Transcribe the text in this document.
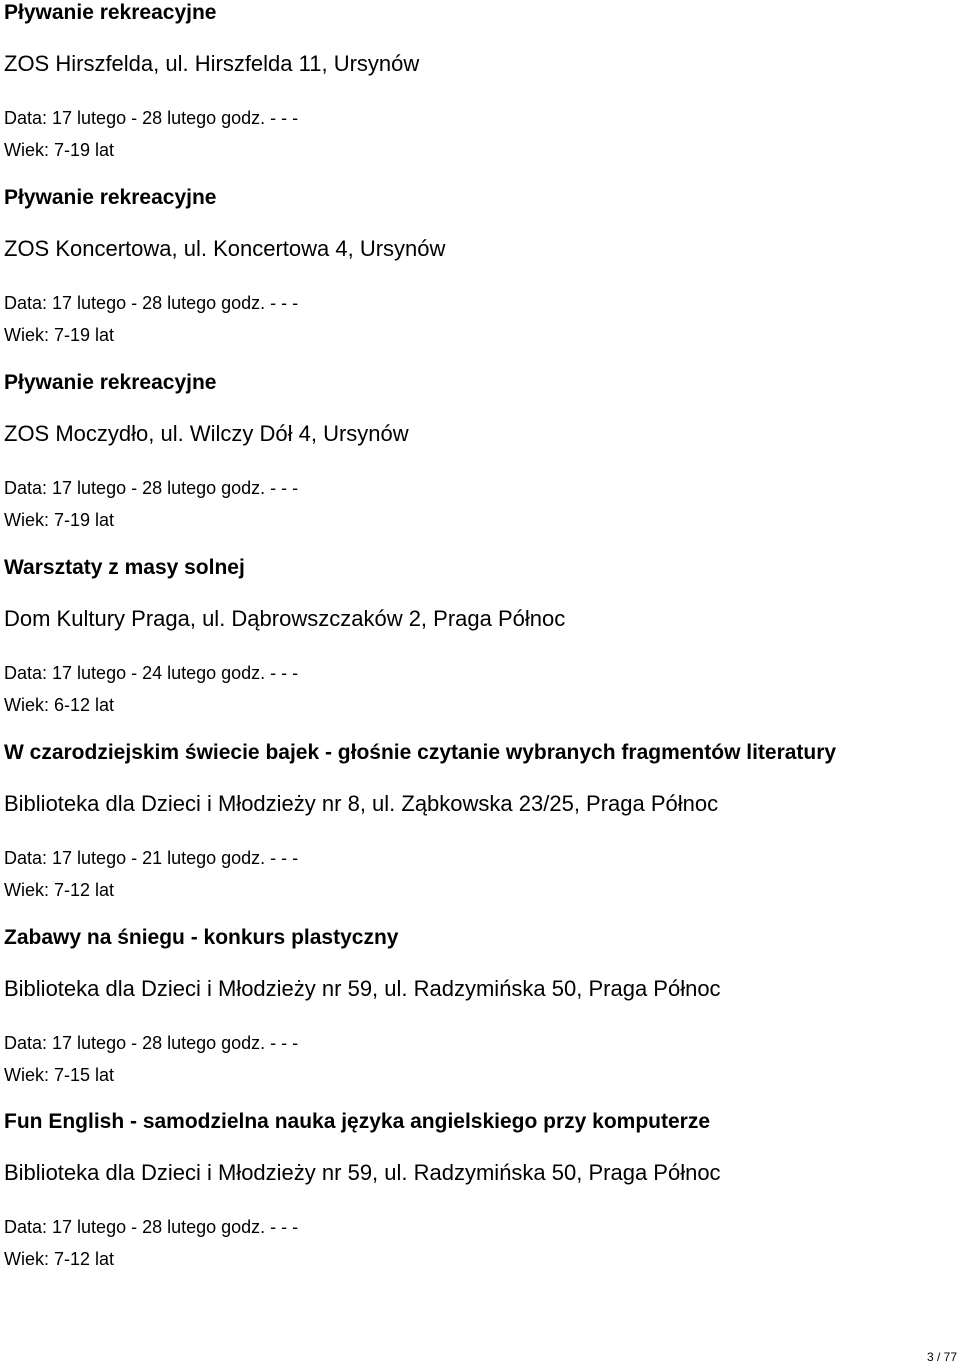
Pływanie rekreacyjne
ZOS Hirszfelda, ul. Hirszfelda 11, Ursynów
Data: 17 lutego - 28 lutego godz. - - -
Wiek: 7-19 lat
Pływanie rekreacyjne
ZOS Koncertowa, ul. Koncertowa 4, Ursynów
Data: 17 lutego - 28 lutego godz. - - -
Wiek: 7-19 lat
Pływanie rekreacyjne
ZOS Moczydło, ul. Wilczy Dół 4, Ursynów
Data: 17 lutego - 28 lutego godz. - - -
Wiek: 7-19 lat
Warsztaty z masy solnej
Dom Kultury Praga, ul. Dąbrowszczaków 2, Praga Północ
Data: 17 lutego - 24 lutego godz. - - -
Wiek: 6-12 lat
W czarodziejskim świecie bajek - głośnie czytanie wybranych fragmentów literatury
Biblioteka dla Dzieci i Młodzieży nr 8, ul. Ząbkowska 23/25, Praga Północ
Data: 17 lutego - 21 lutego godz. - - -
Wiek: 7-12 lat
Zabawy na śniegu - konkurs plastyczny
Biblioteka dla Dzieci i Młodzieży nr 59, ul. Radzymińska 50, Praga Północ
Data: 17 lutego - 28 lutego godz. - - -
Wiek: 7-15 lat
Fun English - samodzielna nauka języka angielskiego przy komputerze
Biblioteka dla Dzieci i Młodzieży nr 59, ul. Radzymińska 50, Praga Północ
Data: 17 lutego - 28 lutego godz. - - -
Wiek: 7-12 lat
3 / 77
